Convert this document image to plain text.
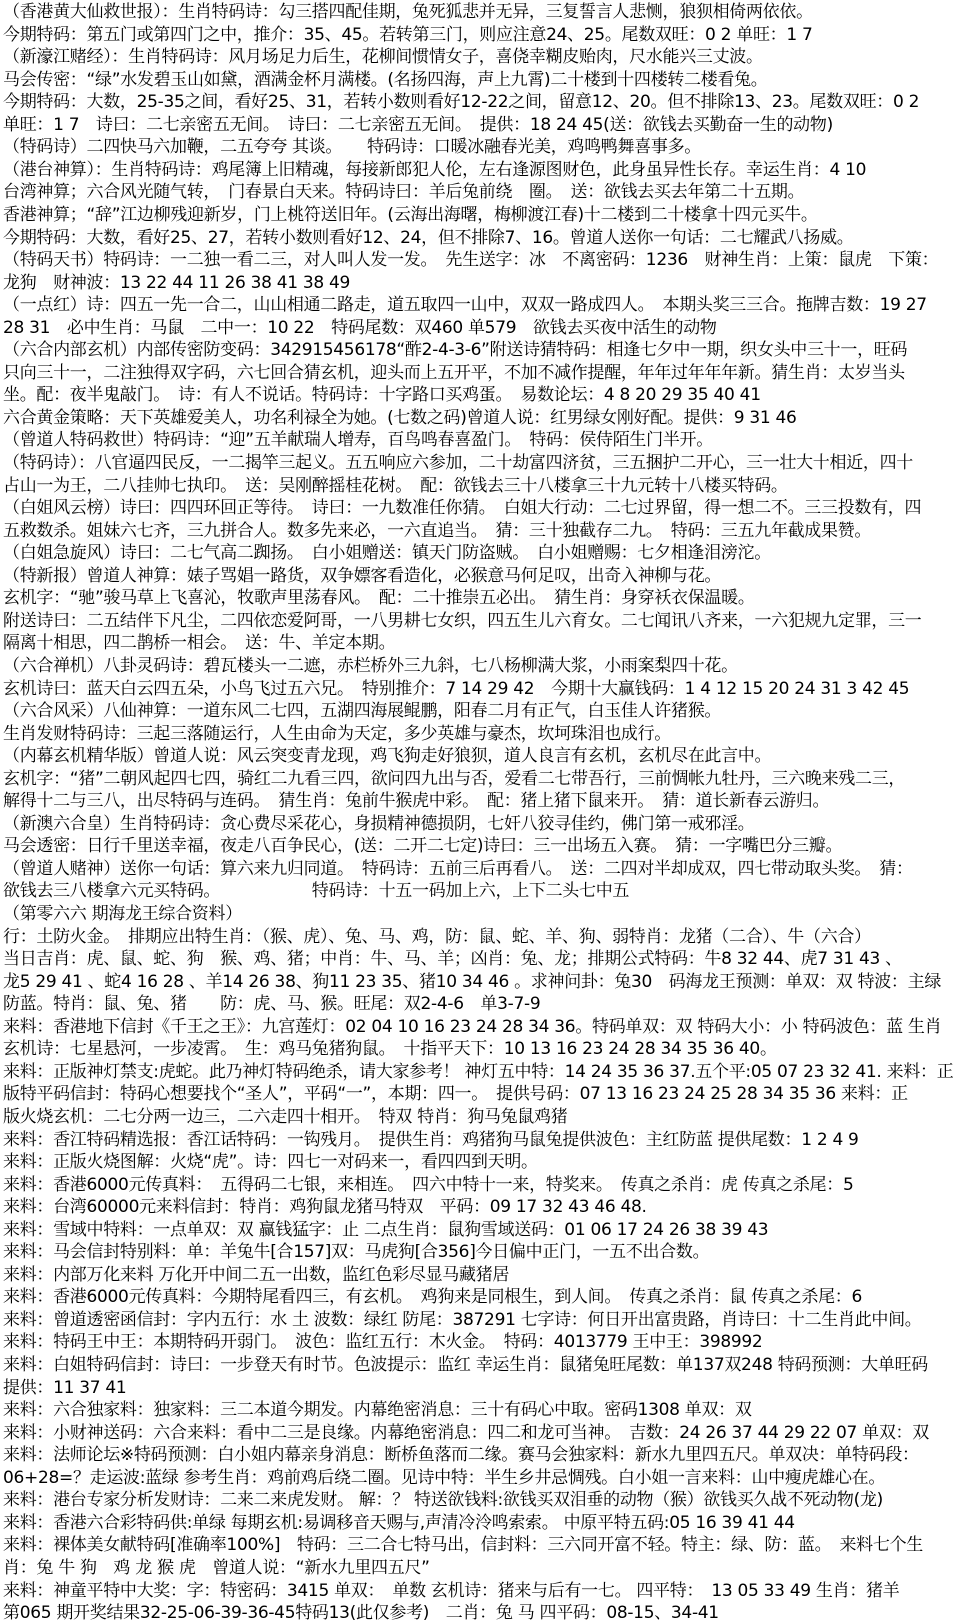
（香港黄大仙救世报）：生肖特码诗：勾三搭四配佳期，兔死狐悲并无异，三复誓言人悲恻，狼狈相倚两依依。
今期特码：第五门或第四门之中，推介：35、45。若转第三门，则应注意24、25。尾数双旺：0 2 单旺：1 7
（新濠江赌经）：生肖特码诗：风月场足力后生，花柳间惯情女子，喜侥幸糊皮贻肉，尺水能兴三丈波。
马会传密：“绿”水发碧玉山如黛，酒满金杯月满楼。(名扬四海，声上九霄)二十楼到十四楼转二楼看兔。
今期特码：大数，25-35之间，看好25、31，若转小数则看好12-22之间，留意12、20。但不排除13、23。尾数双旺：0 2
单旺：1 7　诗曰：二七亲密五无间。　诗曰：二七亲密五无间。　提供：18 24 45(送：欲钱去买勤奋一生的动物)
（特码诗）二四快马六加鞭，二五夸夸 其谈。　　特码诗：口暖冰融春光美，鸡鸣鸭舞喜事多。
（港台神算）：生肖特码诗：鸡尾簿上旧精魂，每接新郎犯人伦，左右逢源图财色，此身虽异性长存。幸运生肖：4 10
台湾神算；六合风光随气转，　门春景白天来。特码诗曰：羊后兔前绕　圈。　送：欲钱去买去年第二十五期。
香港神算；“辞”江边柳残迎新岁，门上桃符送旧年。(云海出海曙，梅柳渡江春)十二楼到二十楼拿十四元买牛。
今期特码：大数，看好25、27，若转小数则看好12、24，但不排除7、16。曾道人送你一句话：二七耀武八扬威。
（特码天书）特码诗：一二独一看二三，对人叫人发一发。　先生送字：冰　不离密码：1236　财神生肖：上策：鼠虎　下策：
龙狗　财神波：13 22 44 11 26 38 41 38 49
（一点红）诗：四五一先一合二，山山相通二路走，道五取四一山中，双双一路成四人。　本期头奖三三合。拖牌吉数：19 27
28 31　必中生肖：马鼠　二中一：10 22　特码尾数：双460 单579　欲钱去买夜中活生的动物
（六合内部玄机）内部传密防变码：342915456178“酢2-4-3-6”附送诗猜特码：相逢七夕中一期，织女头中三十一，旺码
只向三十一，二注独得双字码，六七回合猜玄机，迎头而上五开平，不加不减作提醒，年年过年年年新。猜生肖：太岁当头
坐。配：夜半鬼敲门。　诗：有人不说话。特码诗：十字路口买鸡蛋。　易数论坛：4 8 20 29 35 40 41
六合黄金策略：天下英雄爱美人，功名利禄全为她。(七数之码)曾道人说：红男绿女刚好配。提供：9 31 46
（曾道人特码救世）特码诗：“迎”五羊献瑞人增寿，百鸟鸣春喜盈门。　特码：侯侍陌生门半开。
（特码诗）：八官逼四民反，一二揭竿三起义。五五响应六参加，二十劫富四济贫，三五捆护二开心，三一壮大十相近，四十
占山一为王，二八挂帅七执印。　送：吴刚醉摇桂花树。　配：欲钱去三十八楼拿三十九元转十八楼买特码。
（白姐风云榜）诗曰：四四环回正等待。　诗曰：一九数准任你猜。　白姐大行动：二七过界留，得一想二不。三三投数有，四
五救数杀。姐妹六七齐，三九拼合人。数多先来必，一六直追当。　猜：三十独截存二九。　特码：三五九年截成果赞。
（白姐急旋风）诗曰：二七气高二踟扬。　白小姐赠送：镇天门防盗贼。　白小姐赠赐：七夕相逢泪滂沱。
（特新报）曾道人神算：婊子骂娼一路货，双争嫖客看造化，必猴意马何足叹，出奇入神柳与花。
玄机字：“驰”骏马草上飞喜沁，牧歌声里荡春风。　配：二十推崇五必出。　猜生肖：身穿袄衣保温暖。
附送诗曰：二五结伴下凡尘，二四依恋爱阿哥，一八男耕七女织，四五生儿六育女。二七闻讯八齐来，一六犯规九定罪，三一
隔离十相思，四二鹊桥一相会。　送：牛、羊定本期。
（六合禅机）八卦灵码诗：碧瓦楼头一二遮，赤栏桥外三九斜，七八杨柳满大浆，小雨案梨四十花。
玄机诗曰：蓝天白云四五朵，小鸟飞过五六兄。　特别推介：7 14 29 42　今期十大赢钱码：1 4 12 15 20 24 31 3 42 45
（六合风采）八仙神算：一道东风二七四，五湖四海展鲲鹏，阳春二月有正气，白玉佳人许猪猴。
生肖发财特码诗：三起三落随运行，人生由命为天定，多少英雄与豪杰，坎坷珠泪也成行。
（内幕玄机精华版）曾道人说：风云突变青龙现，鸡飞狗走好狼狈，道人良言有玄机，玄机尽在此言中。
玄机字：“猪”二朝风起四七四，骑红二九看三四，欲问四九出与否，爱看二七带吾行，三前惆帐九牡丹，三六晚来残二三，
解得十二与三八，出尽特码与连码。　猜生肖：兔前牛猴虎中彩。　配：猪上猪下鼠来开。　猜：道长新春云游归。
（新澳六合皇）生肖特码诗：贪心费尽采花心，身损精神德损阴，七奸八狡寻佳约，佛门第一戒邪淫。
马会透密：日行千里送幸福，夜走八百争民心，(送：二开二七定)诗曰：三一出场五入赛。　猜：一字嘴巴分三瓣。
（曾道人赌神）送你一句话：算六来九归同道。　特码诗：五前三后再看八。　送：二四对半却成双，四七带动取头奖。　猜：
欲钱去三八楼拿六元买特码。　　　　　　特码诗：十五一码加上六，上下二头七中五
（第零六六 期海龙王综合资料）
行：土防火金。　排期应出特生肖：（猴、虎）、兔、马、鸡，防：鼠、蛇、羊、狗、弱特肖：龙猪（二合）、牛（六合）
当日吉肖：虎、鼠、蛇、狗　猴、鸡、猪；中肖：牛、马、羊；凶肖：兔、龙；排期公式特码：牛8 32 44、虎7 31 43 、
龙5 29 41 、蛇4 16 28 、羊14 26 38、狗11 23 35、猪10 34 46 。求神问卦：兔30　码海龙王预测：单双：双 特波：主绿
防蓝。特肖：鼠、兔、猪　　防：虎、马、猴。旺尾：双2-4-6　单3-7-9
来料：香港地下信封《千王之王》：九宫莲灯：02 04 10 16 23 24 28 34 36。特码单双：双 特码大小：小 特码波色：蓝 生肖
玄机诗：七星悬河，一步凌霄。　生：鸡马兔猪狗鼠。　十指平天下：10 13 16 23 24 28 34 35 36 40。
来料：正版神灯禁支:虎蛇。此乃神灯特码绝杀，请大家参考！ 神灯五中特：14 24 35 36 37.五个平:05 07 23 32 41. 来料：正
版特平码信封：特码心想要找个“圣人”，平码“一”，本期：四一。　提供号码：07 13 16 23 24 25 28 34 35 36 来料：正
版火烧玄机：二七分两一边三，二六走四十相开。　特双 特肖：狗马兔鼠鸡猪
来料：香江特码精选报：香江话特码：一钩残月。　提供生肖：鸡猪狗马鼠兔提供波色：主红防蓝 提供尾数：1 2 4 9
来料：正版火烧图解：火烧“虎”。诗：四七一对码来一，看四四到天明。
来料：香港6000元传真料：　五得码二七银，来相连。　四六中特十一来，特奖来。　传真之杀肖：虎 传真之杀尾：5
来料：台湾60000元来料信封：特肖：鸡狗鼠龙猪马特双　平码：09 17 32 43 46 48.
来料：雪域中特料：一点单双：双 赢钱猛字：止 二点生肖：鼠狗雪域送码：01 06 17 24 26 38 39 43
来料：马会信封特别料：单：羊兔牛[合157]双：马虎狗[合356]今日偏中正门，一五不出合数。
来料：内部万化来料 万化开中间二五一出数，监红色彩尽显马藏猪居
来料：香港6000元传真料：今期特尾看四三，有玄机。　鸡狗来是同根生，到人间。　传真之杀肖：鼠 传真之杀尾：6
来料：曾道透密函信封：字内五行：水 土 波数：绿红 防尾：387291 七字诗：何日开出富贵路，肖诗曰：十二生肖此中间。
来料：特码王中王：本期特码开弱门。　波色：监红五行：木火金。　特码：4013779 王中王：398992
来料：白姐特码信封：诗曰：一步登天有时节。色波提示：监红 幸运生肖：鼠猪兔旺尾数：单137双248 特码预测：大单旺码
提供：11 37 41
来料：六合独家料：独家料：三二本道今期发。内幕绝密消息：三十有码心中取。密码1308 单双：双
来料：小财神送码：六合来料：看中二三是良缘。内幕绝密消息：四二和龙可当神。　吉数：24 26 37 44 29 22 07 单双：双
来料：法师论坛※特码预测：白小姐内幕亲身消息：断桥鱼落而二缘。赛马会独家料：新水九里四五尺。单双决：单特码段：
06+28=？走运波:蓝绿 参考生肖：鸡前鸡后绕二圈。见诗中特：半生乡井忌惆残。白小姐一言来料：山中瘦虎雄心在。
来料：港台专家分析发财诗：二来二来虎发财。 解：？ 特送欲钱料:欲钱买双泪垂的动物（猴）欲钱买久战不死动物(龙)
来料：香港六合彩特码供:单绿 每期玄机:易调移音天赐与,声清冷泠鸣索索。 中原平特五码:05 16 39 41 44
来料：裸体美女献特码[准确率100%]　特码：三二合七特马出，信封料：三六同开富不轻。特主：绿、防：蓝。　来料七个生
肖：兔 牛 狗　鸡 龙 猴 虎　曾道人说：“新水九里四五尺”
来料：神童平特中大奖：字：特密码：3415 单双：　单数 玄机诗：猪来与后有一七。 四平特：　13 05 33 49 生肖：猪羊
第065 期开奖结果32-25-06-39-36-45特码13(此仅参考)　二肖：兔 马 四平码：08-15、34-41
